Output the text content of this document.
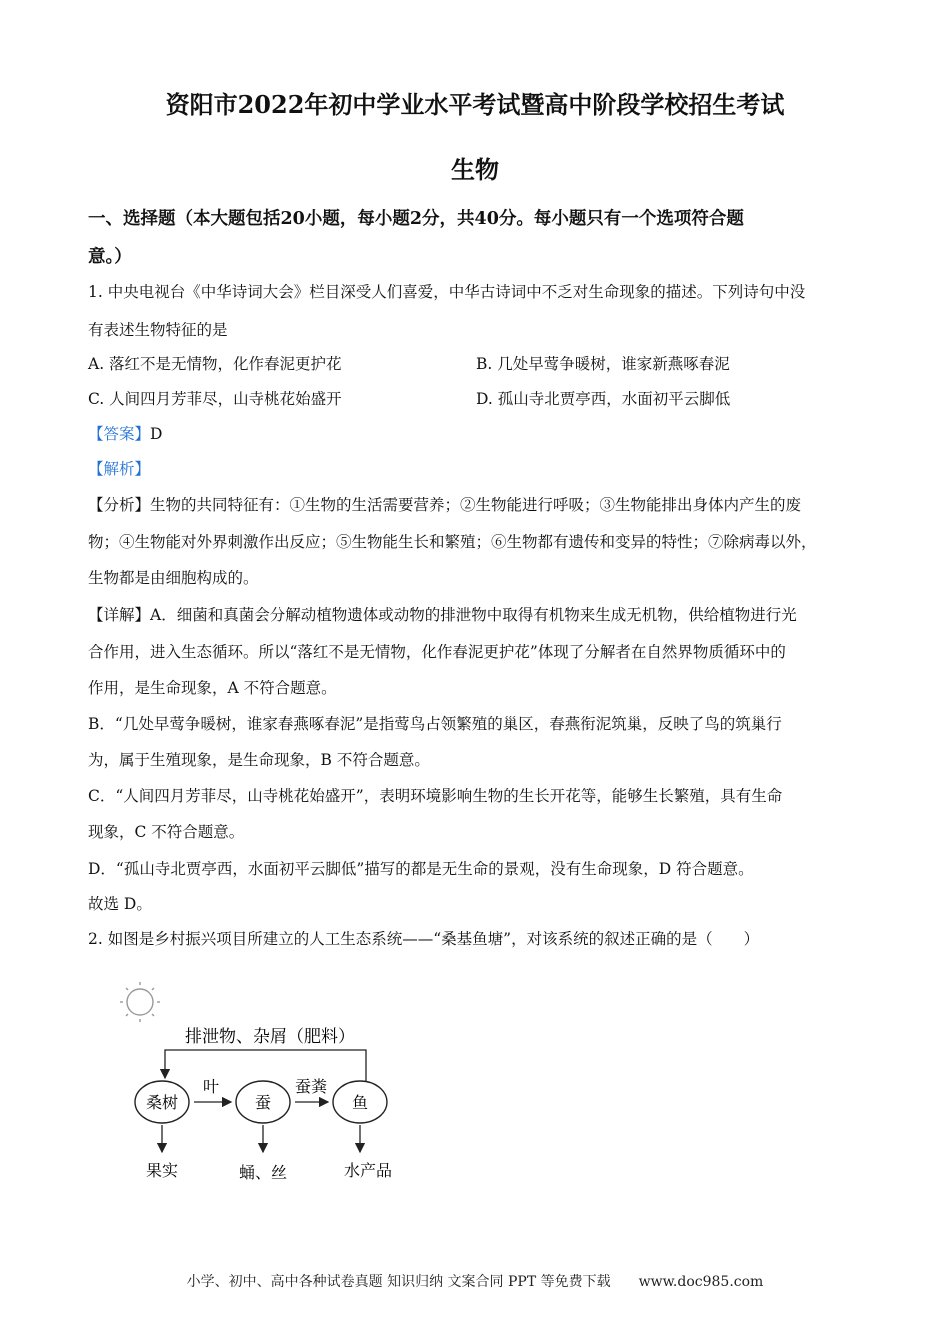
资阳市2022年初中学业水平考试暨高中阶段学校招生考试
生物
一、选择题（本大题包括20小题，每小题2分，共40分。每小题只有一个选项符合题
意。）
1. 中央电视台《中华诗词大会》栏目深受人们喜爱，中华古诗词中不乏对生命现象的描述。下列诗句中没
有表述生物特征的是
A. 落红不是无情物，化作春泥更护花	B. 几处早莺争暖树，谁家新燕啄春泥
C. 人间四月芳菲尽，山寺桃花始盛开	D. 孤山寺北贾亭西，水面初平云脚低
【答案】D
【解析】
【分析】生物的共同特征有：①生物的生活需要营养；②生物能进行呼吸；③生物能排出身体内产生的废
物；④生物能对外界刺激作出反应；⑤生物能生长和繁殖；⑥生物都有遗传和变异的特性；⑦除病毒以外，
生物都是由细胞构成的。
【详解】A．细菌和真菌会分解动植物遗体或动物的排泄物中取得有机物来生成无机物，供给植物进行光
合作用，进入生态循环。所以“落红不是无情物，化作春泥更护花”体现了分解者在自然界物质循环中的
作用，是生命现象，A 不符合题意。
B．“几处早莺争暖树，谁家春燕啄春泥”是指莺鸟占领繁殖的巢区，春燕衔泥筑巢，反映了鸟的筑巢行
为，属于生殖现象，是生命现象，B 不符合题意。
C．“人间四月芳菲尽，山寺桃花始盛开”，表明环境影响生物的生长开花等，能够生长繁殖，具有生命
现象，C 不符合题意。
D．“孤山寺北贾亭西，水面初平云脚低”描写的都是无生命的景观，没有生命现象，D 符合题意。
故选 D。
2. 如图是乡村振兴项目所建立的人工生态系统——“桑基鱼塘”，对该系统的叙述正确的是（　　）
排泄物、杂屑（肥料）
桑树	蚕	鱼
叶	蚕粪
果实	蛹、丝	水产品
小学、初中、高中各种试卷真题 知识归纳 文案合同 PPT 等免费下载　　www.doc985.com
